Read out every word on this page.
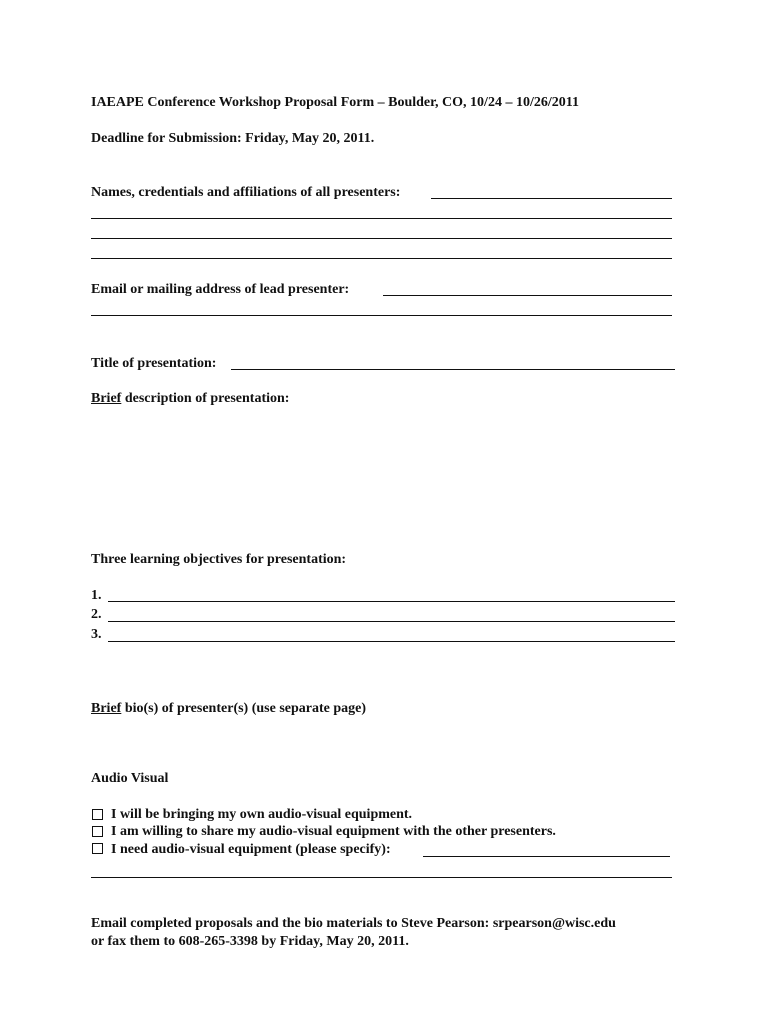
IAEAPE Conference Workshop Proposal Form – Boulder, CO, 10/24 – 10/26/2011
Deadline for Submission: Friday, May 20, 2011.
Names, credentials and affiliations of all presenters:
Email or mailing address of lead presenter:
Title of presentation:
Brief description of presentation:
Three learning objectives for presentation:
1.
2.
3.
Brief bio(s) of presenter(s) (use separate page)
Audio Visual
I will be bringing my own audio-visual equipment.
I am willing to share my audio-visual equipment with the other presenters.
I need audio-visual equipment (please specify):
Email completed proposals and the bio materials to Steve Pearson: srpearson@wisc.edu
or fax them to 608-265-3398 by Friday, May 20, 2011.
